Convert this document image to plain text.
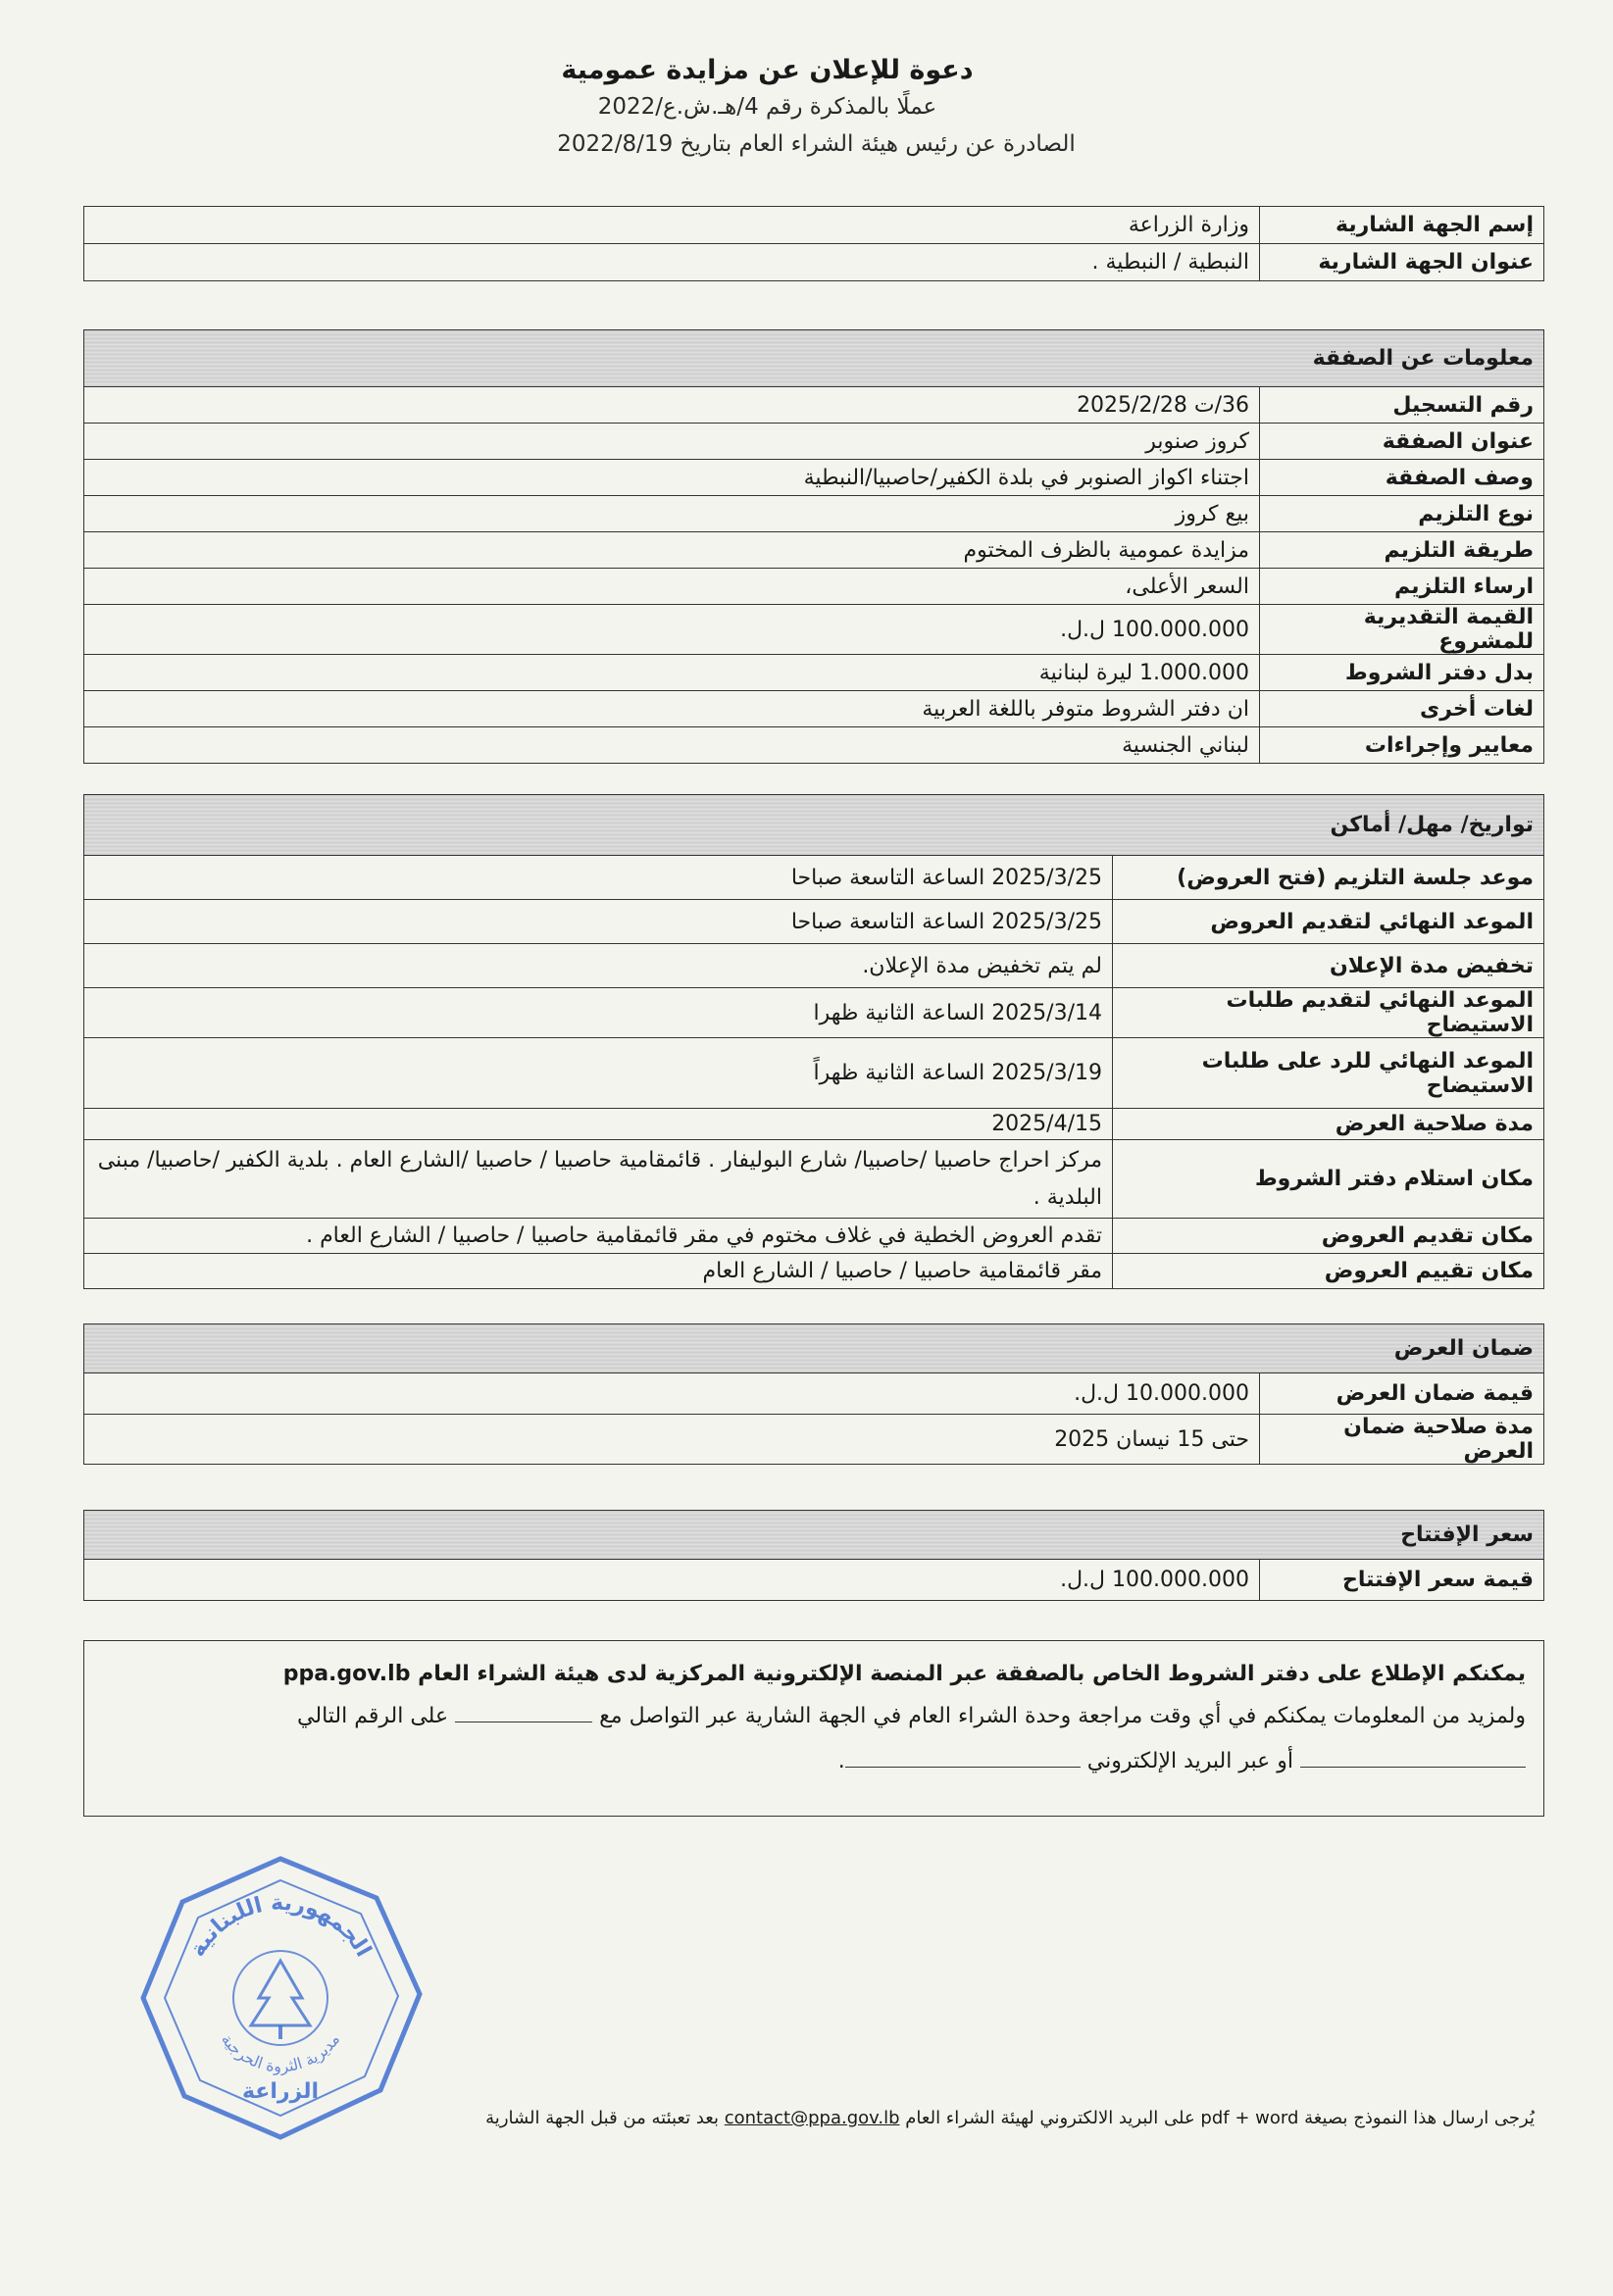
دعوة للإعلان عن مزايدة عمومية
عملًا بالمذكرة رقم 4/هـ.ش.ع/2022
الصادرة عن رئيس هيئة الشراء العام بتاريخ 2022/8/19
إسم الجهة الشارية	وزارة الزراعة
عنوان الجهة الشارية	النبطية / النبطية .
معلومات عن الصفقة	
رقم التسجيل	36/ت 2025/2/28
عنوان الصفقة	كروز صنوبر
وصف الصفقة	اجتناء اكواز الصنوبر في بلدة الكفير/حاصبيا/النبطية
نوع التلزيم	بيع كروز
طريقة التلزيم	مزايدة عمومية بالظرف المختوم
ارساء التلزيم	السعر الأعلى،
القيمة التقديرية للمشروع	100.000.000 ل.ل.
بدل دفتر الشروط	1.000.000 ليرة لبنانية
لغات أخرى	ان دفتر الشروط متوفر باللغة العربية
معايير وإجراءات	لبناني الجنسية
تواريخ/ مهل/ أماكن	
موعد جلسة التلزيم (فتح العروض)	2025/3/25 الساعة التاسعة صباحا
الموعد النهائي لتقديم العروض	2025/3/25 الساعة التاسعة صباحا
تخفيض مدة الإعلان	لم يتم تخفيض مدة الإعلان.
الموعد النهائي لتقديم طلبات الاستيضاح	2025/3/14 الساعة الثانية ظهرا
الموعد النهائي للرد على طلبات الاستيضاح	2025/3/19 الساعة الثانية ظهراً
مدة صلاحية العرض	2025/4/15
مكان استلام دفتر الشروط	مركز احراج حاصبيا /حاصبيا/ شارع البوليفار . قائمقامية حاصبيا / حاصبيا /الشارع العام . بلدية الكفير /حاصبيا/ مبنى البلدية .
مكان تقديم العروض	تقدم العروض الخطية في غلاف مختوم في مقر قائمقامية حاصبيا / حاصبيا / الشارع العام .
مكان تقييم العروض	مقر قائمقامية حاصبيا / حاصبيا / الشارع العام
ضمان العرض	
قيمة ضمان العرض	10.000.000 ل.ل.
مدة صلاحية ضمان العرض	حتى 15 نيسان 2025
سعر الإفتتاح
قيمة سعر الإفتتاح	100.000.000 ل.ل.
يمكنكم الإطلاع على دفتر الشروط الخاص بالصفقة عبر المنصة الإلكترونية المركزية لدى هيئة الشراء العام ppa.gov.lb
ولمزيد من المعلومات يمكنكم في أي وقت مراجعة وحدة الشراء العام في الجهة الشارية عبر التواصل مع  على الرقم التالي
أو عبر البريد الإلكتروني .
الجمهورية اللبنانية
مديرية الثروة الحرجية
الزراعة
يُرجى ارسال هذا النموذج بصيغة pdf + word على البريد الالكتروني لهيئة الشراء العام contact@ppa.gov.lb بعد تعبئته من قبل الجهة الشارية
